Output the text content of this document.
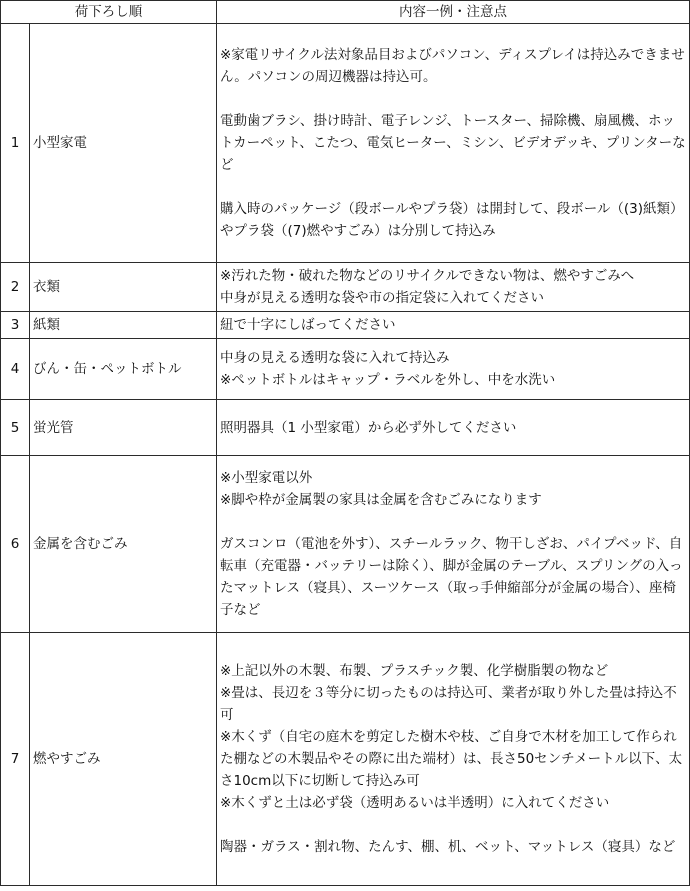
荷下ろし順		内容一例・注意点
1	小型家電	※家電リサイクル法対象品目およびパソコン、ディスプレイは持込みできません。パソコンの周辺機器は持込可。
電動歯ブラシ、掛け時計、電子レンジ、トースター、掃除機、扇風機、ホットカーペット、こたつ、電気ヒーター、ミシン、ビデオデッキ、プリンターなど
購入時のパッケージ（段ボールやプラ袋）は開封して、段ボール（(3)紙類）やプラ袋（(7)燃やすごみ）は分別して持込み

2	衣類	※汚れた物・破れた物などのリサイクルできない物は、燃やすごみへ
中身が見える透明な袋や市の指定袋に入れてください

3	紙類	紐で十字にしばってください

4	びん・缶・ペットボトル	中身の見える透明な袋に入れて持込み
※ペットボトルはキャップ・ラベルを外し、中を水洗い

5	蛍光管	照明器具（1 小型家電）から必ず外してください

6	金属を含むごみ	※小型家電以外
※脚や枠が金属製の家具は金属を含むごみになります
ガスコンロ（電池を外す）、スチールラック、物干しざお、パイプベッド、自転車（充電器・バッテリーは除く）、脚が金属のテーブル、スプリングの入ったマットレス（寝具）、スーツケース（取っ手伸縮部分が金属の場合）、座椅子など

7	燃やすごみ	※上記以外の木製、布製、プラスチック製、化学樹脂製の物など
※畳は、長辺を３等分に切ったものは持込可、業者が取り外した畳は持込不可
※木くず（自宅の庭木を剪定した樹木や枝、ご自身で木材を加工して作られた棚などの木製品やその際に出た端材）は、長さ50センチメートル以下、太さ10cm以下に切断して持込み可
※木くずと土は必ず袋（透明あるいは半透明）に入れてください
陶器・ガラス・割れ物、たんす、棚、机、ベット、マットレス（寝具）など
